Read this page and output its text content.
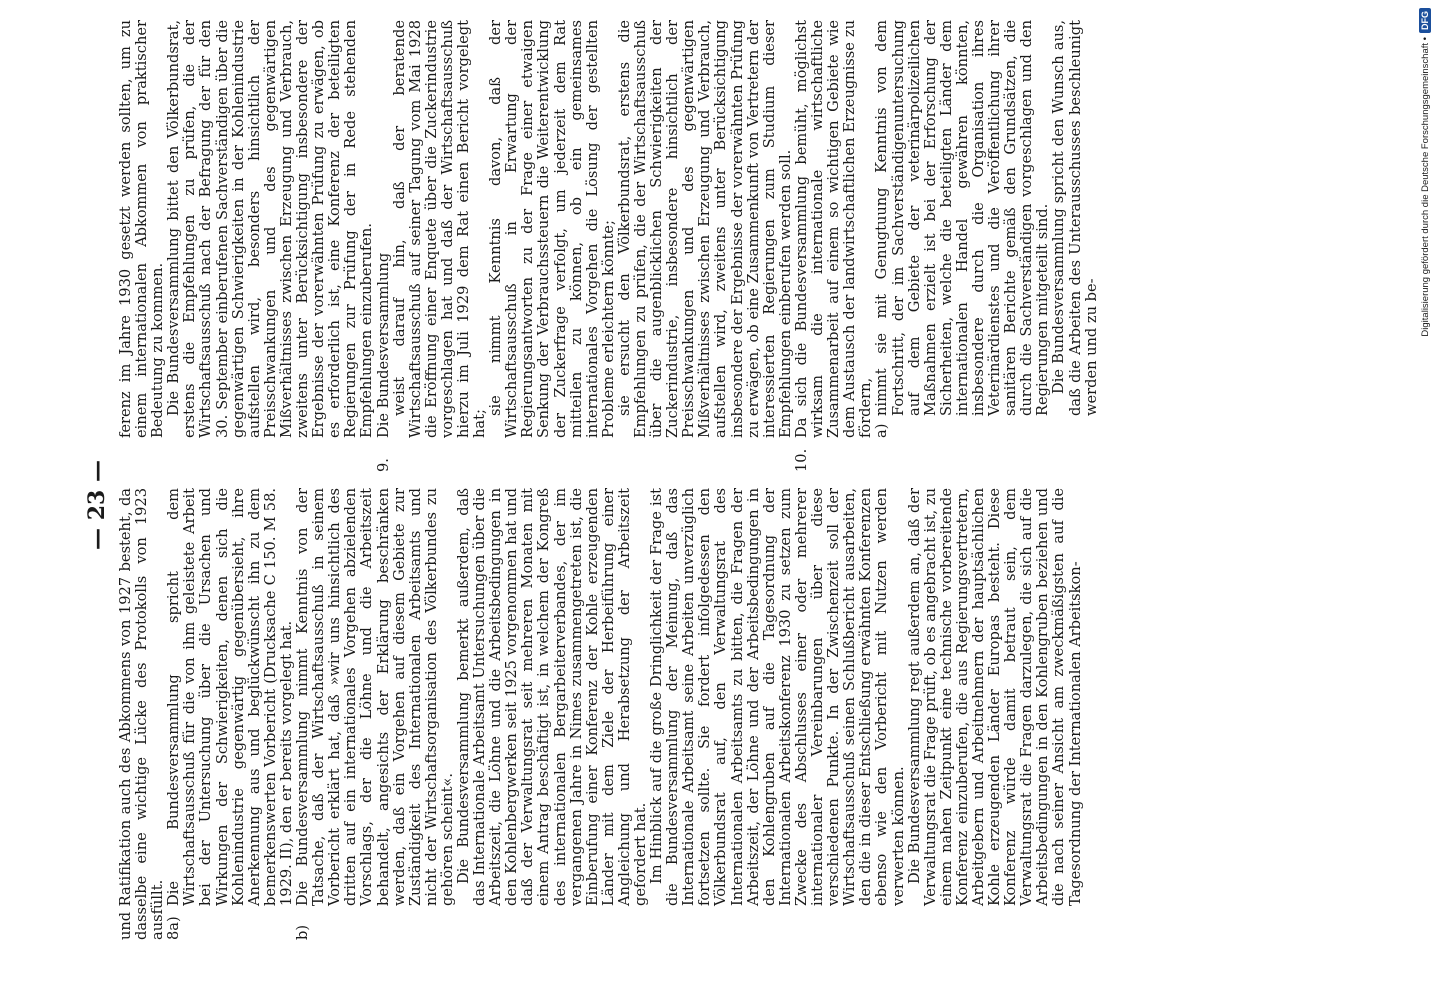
— 23 — und Ratifikation auch des Abkommens von 1927 besteht, da dasselbe eine wichtige Lücke des Protokolls von 1923 ausfüllt. 8a)

Die Bundesversammlung spricht dem Wirtschaftsausschuß für die von ihm geleistete Arbeit bei der Untersuchung über die Ursachen und Wirkungen der Schwierigkeiten, denen sich die Kohlenindustrie gegenwärtig gegenübersieht, ihre Anerkennung aus und beglückwünscht ihn zu dem bemerkenswerten Vorbericht (Drucksache C 150. M 58. 1929. II), den er bereits vorgelegt hat.

b)

Die Bundesversammlung nimmt Kenntnis von der Tatsache, daß der Wirtschaftsausschuß in seinem Vorbericht erklärt hat, daß »wir uns hinsichtlich des dritten auf ein internationales Vorgehen abzielenden Vorschlags, der die Löhne und die Arbeitszeit behandelt, angesichts der Erklärung beschränken werden, daß ein Vorgehen auf diesem Gebiete zur Zuständigkeit des Internationalen Arbeitsamts und nicht der Wirtschaftsorganisation des Völkerbundes zu gehören scheint«. Die Bundesversammlung bemerkt außerdem, daß das Internationale Arbeitsamt Untersuchungen über die Arbeitszeit, die Löhne und die Arbeitsbedingungen in den Kohlenbergwerken seit 1925 vorgenommen hat und daß der Verwaltungsrat seit mehreren Monaten mit einem Antrag beschäftigt ist, in welchem der Kongreß des internationalen Bergarbeiterverbandes, der im vergangenen Jahre in Nimes zusammengetreten ist, die Einberufung einer Konferenz der Kohle erzeugenden Länder mit dem Ziele der Herbeiführung einer Angleichung und Herabsetzung der Arbeitszeit gefordert hat. Im Hinblick auf die große Dringlichkeit der Frage ist die Bundesversammlung der Meinung, daß das Internationale Arbeitsamt seine Arbeiten unverzüglich fortsetzen sollte. Sie fordert infolgedessen den Völkerbundsrat auf, den Verwaltungsrat des Internationalen Arbeitsamts zu bitten, die Fragen der Arbeitszeit, der Löhne und der Arbeitsbedingungen in den Kohlengruben auf die Tagesordnung der Internationalen Arbeitskonferenz 1930 zu setzen zum Zwecke des Abschlusses einer oder mehrerer internationaler Vereinbarungen über diese verschiedenen Punkte. In der Zwischenzeit soll der Wirtschaftsausschuß seinen Schlußbericht ausarbeiten, den die in dieser Entschließung erwähnten Konferenzen ebenso wie den Vorbericht mit Nutzen werden verwerten können. Die Bundesversammlung regt außerdem an, daß der Verwaltungsrat die Frage prüft, ob es angebracht ist, zu einem nahen Zeitpunkt eine technische vorbereitende Konferenz einzuberufen, die aus Regierungsvertretern, Arbeitgebern und Arbeitnehmern der hauptsächlichen Kohle erzeugenden Länder Europas besteht. Diese Konferenz würde damit betraut sein, dem Verwaltungsrat die Fragen darzulegen, die sich auf die Arbeitsbedingungen in den Kohlengruben beziehen und die nach seiner Ansicht am zweckmäßigsten auf die Tagesordnung der Internationalen Arbeitskon-

ferenz im Jahre 1930 gesetzt werden sollten, um zu einem internationalen Abkommen von praktischer Bedeutung zu kommen. Die Bundesversammlung bittet den Völkerbundsrat, erstens die Empfehlungen zu prüfen, die der Wirtschaftsausschuß nach der Befragung der für den 30. September einberufenen Sachverständigen über die gegenwärtigen Schwierigkeiten in der Kohlenindustrie aufstellen wird, besonders hinsichtlich der Preisschwankungen und des gegenwärtigen Mißverhältnisses zwischen Erzeugung und Verbrauch, zweitens unter Berücksichtigung insbesondere der Ergebnisse der vorerwähnten Prüfung zu erwägen, ob es erforderlich ist, eine Konferenz der beteiligten Regierungen zur Prüfung der in Rede stehenden Empfehlungen einzuberufen.

9.

Die Bundesversammlung weist darauf hin, daß der beratende Wirtschaftsausschuß auf seiner Tagung vom Mai 1928 die Eröffnung einer Enquete über die Zuckerindustrie vorgeschlagen hat und daß der Wirtschaftsausschuß hierzu im Juli 1929 dem Rat einen Bericht vorgelegt hat;

sie nimmt Kenntnis davon, daß der Wirtschaftsausschuß in Erwartung der Regierungsantworten zu der Frage einer etwaigen Senkung der Verbrauchssteuern die Weiterentwicklung der Zuckerfrage verfolgt, um jederzeit dem Rat mitteilen zu können, ob ein gemeinsames internationales Vorgehen die Lösung der gestellten Probleme erleichtern könnte; sie ersucht den Völkerbundsrat, erstens die Empfehlungen zu prüfen, die der Wirtschaftsausschuß über die augenblicklichen Schwierigkeiten der Zuckerindustrie, insbesondere hinsichtlich der Preisschwankungen und des gegenwärtigen Mißverhältnisses zwischen Erzeugung und Verbrauch, aufstellen wird, zweitens unter Berücksichtigung insbesondere der Ergebnisse der vorerwähnten Prüfung zu erwägen, ob eine Zusammenkunft von Vertretern der interessierten Regierungen zum Studium dieser Empfehlungen einberufen werden soll.

10.

Da sich die Bundesversammlung bemüht, möglichst wirksam die internationale wirtschaftliche Zusammenarbeit auf einem so wichtigen Gebiete wie dem Austausch der landwirtschaftlichen Erzeugnisse zu fördern, a)

nimmt sie mit Genugtuung Kenntnis von dem Fortschritt, der im Sachverständigenuntersuchung auf dem Gebiete der veterinärpolizeilichen Maßnahmen erzielt ist bei der Erforschung der Sicherheiten, welche die beteiligten Länder dem internationalen Handel gewähren könnten, insbesondere durch die Organisation ihres Veterinärdienstes und die Veröffentlichung ihrer sanitären Berichte gemäß den Grundsätzen, die durch die Sachverständigen vorgeschlagen und den Regierungen mitgeteilt sind. Die Bundesversammlung spricht den Wunsch aus, daß die Arbeiten des Unterausschusses beschleunigt werden und zu be-

Digitalisierung gefördert durch die Deutsche Forschungsgemeinschaft •DFG
